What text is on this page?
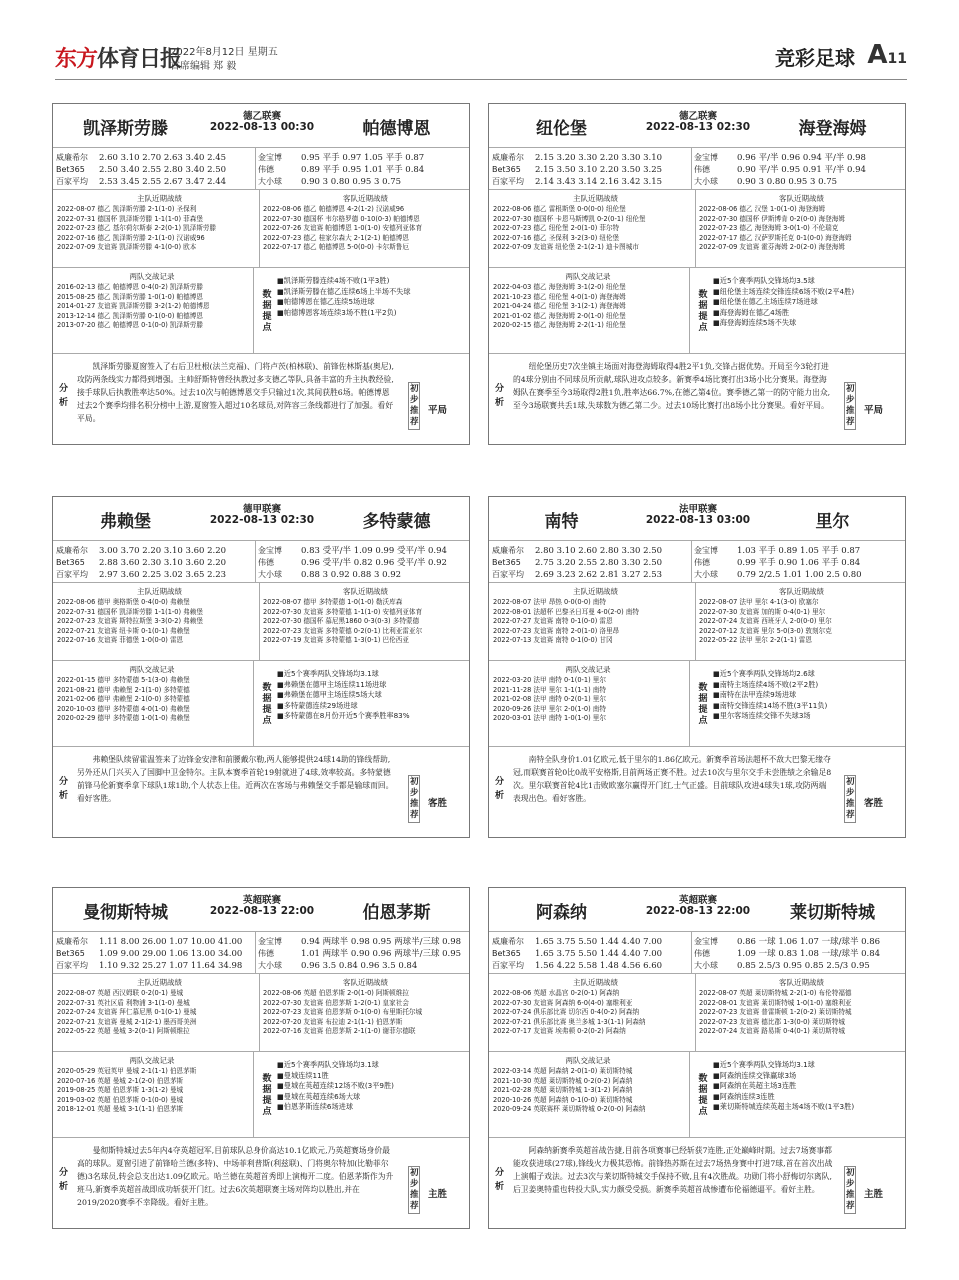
东方体育日报
2022年8月12日 星期五
首席编辑 郑 毅	竞彩足球 A11
凯泽斯劳滕
德乙联赛
2022-08-13 00:30	帕德博恩
威廉希尔 2.60 3.10 2.70 2.63 3.40 2.45
Bet365 2.50 3.40 2.55 2.80 3.40 2.50
百家平均 2.53 3.45 2.55 2.67 3.47 2.44
金宝博 0.95 平手 0.97 1.05 平手 0.87
伟德	0.89 平手 0.95 1.01 平手 0.84
大小球 0.90 3 0.80 0.95 3 0.75
主队近期战绩
2022-08-07 德乙 凯泽斯劳滕 2-1(1-0) 圣保利
2022-07-31 德国杯 凯泽斯劳滕 1-1(1-0) 菲森堡
2022-07-23 德乙 基尔荷尔斯泰 2-2(0-1) 凯泽斯劳滕
2022-07-16 德乙 凯泽斯劳滕 2-1(1-0) 汉诺威96
2022-07-09 友谊赛 凯泽斯劳滕 4-1(0-0) 欧本
客队近期战绩
2022-08-06 德乙 帕德博恩 4-2(1-2) 汉诺威96
2022-07-30 德国杯 韦尔格罗德 0-10(0-3) 帕德博恩
2022-07-26 友谊赛 帕德博恩 1-0(1-0) 安德列亚体育
2022-07-23 德乙 桂家尔森大 2-1(2-1) 帕德博恩
2022-07-17 德乙 帕德博恩 5-0(0-0) 卡尔斯鲁厄
两队交战记录
2016-02-13 德乙 帕德博恩 0-4(0-2) 凯泽斯劳滕
2015-08-25 德乙 凯泽斯劳滕 1-0(1-0) 帕德博恩
2014-01-27 友谊赛 凯泽斯劳滕 3-2(1-2) 帕德博恩
2013-12-14 德乙 凯泽斯劳滕 0-1(0-0) 帕德博恩
2013-07-20 德乙 帕德博恩 0-1(0-0) 凯泽斯劳滕
数据提点
■凯泽斯劳滕连续4场不败(1平3胜)
■凯泽斯劳滕在德乙连续6场上半场不失球
■帕德博恩在德乙连续5场进球
■帕德博恩客场连续3场不胜(1平2负)
分析
凯泽斯劳滕夏窗签入了右后卫杜根(法兰克福)、门将卢茨(柏林联)、前锋佐林斯基(奥尼),攻防两条线实力都得到增强。主帅舒斯特曾经执教过多支德乙等队,具备丰富的升主执教经验,接手球队后执教胜率达50%。过去10次与帕德博恩交手只输过1次,其间获胜6场。帕德博恩过去2个赛季均排名积分榜中上游,夏窗签入超过10名球员,对阵容三条线都进行了加强。看好平局。
初步推荐
平局
纽伦堡
德乙联赛
2022-08-13 02:30	海登海姆
威廉希尔 2.15 3.20 3.30 2.20 3.30 3.10
Bet365 2.15 3.50 3.10 2.20 3.50 3.25
百家平均 2.14 3.43 3.14 2.16 3.42 3.15
金宝博 0.96 平/半 0.96 0.94 平/半 0.98
伟德	0.90 平/半 0.95 0.91 平/半 0.94
大小球 0.90 3 0.80 0.95 3 0.75
主队近期战绩
2022-08-06 德乙 雷根斯堡 0-0(0-0) 纽伦堡
2022-07-30 德国杯 卡恩马斯博凯 0-2(0-1) 纽伦堡
2022-07-23 德乙 纽伦堡 2-0(1-0) 菲尔特
2022-07-16 德乙 圣保利 3-2(3-0) 纽伦堡
2022-07-09 友谊赛 纽伦堡 2-1(2-1) 迪卡图城市
客队近期战绩
2022-08-06 德乙 汉堡 1-0(1-0) 海登海姆
2022-07-30 德国杯 伊斯博肯 0-2(0-0) 海登海姆
2022-07-23 德乙 海登海姆 3-0(1-0) 不伦瑞克
2022-07-17 德乙 汉萨罗斯托克 0-1(0-0) 海登海姆
2022-07-09 友谊赛 霍芬海姆 2-0(2-0) 海登海姆
两队交战记录
2022-04-03 德乙 海登海姆 3-1(2-0) 纽伦堡
2021-10-23 德乙 纽伦堡 4-0(1-0) 海登海姆
2021-04-24 德乙 纽伦堡 3-1(2-1) 海登海姆
2021-01-02 德乙 海登海姆 2-0(1-0) 纽伦堡
2020-02-15 德乙 海登海姆 2-2(1-1) 纽伦堡
数据提点
■近5个赛季两队交锋场均3.5球
■纽伦堡主场连续交锋连续6场不败(2平4胜)
■纽伦堡在德乙主场连续7场进球
■海登海姆在德乙4场胜
■海登海姆连续5场不失球
分析
纽伦堡历史7次坐镇主场面对海登海姆取得4胜2平1负,交锋占据优势。开局至今3轮打进的4球分别由不同球员所贡献,球队进攻点较多。新赛季4场比赛打出3场小比分赛果。海登海姆队在赛季至今3场取得2胜1负,胜率达66.7%,在德乙第4位。赛季德乙第一的防守能力出众,至今3场联赛共丢1球,失球数为德乙第二少。过去10场比赛打出8场小比分赛果。看好平局。
初步推荐
平局
弗赖堡
德甲联赛
2022-08-13 02:30	多特蒙德
威廉希尔 3.00 3.70 2.20 3.10 3.60 2.20
Bet365 2.88 3.60 2.30 3.10 3.60 2.20
百家平均 2.97 3.60 2.25 3.02 3.65 2.23
金宝博 0.83 受平/半 1.09 0.99 受平/半 0.94
伟德	0.96 受平/半 0.82 0.96 受平/半 0.92
大小球 0.88 3 0.92 0.88 3 0.92
主队近期战绩
2022-08-06 德甲 奥格斯堡 0-4(0-0) 弗赖堡
2022-07-31 德国杯 凯泽斯劳滕 1-1(1-0) 弗赖堡
2022-07-23 友谊赛 斯特拉斯堡 3-3(0-2) 弗赖堡
2022-07-21 友谊赛 纽卡斯 0-1(0-1) 弗赖堡
2022-07-16 友谊赛 菲德堡 1-0(0-0) 雷恩
客队近期战绩
2022-08-07 德甲 多特蒙德 1-0(1-0) 勒沃库森
2022-07-30 友谊赛 多特蒙德 1-1(1-0) 安德列亚体育
2022-07-30 德国杯 慕尼黑1860 0-3(0-3) 多特蒙德
2022-07-23 友谊赛 多特蒙德 0-2(0-1) 比利亚雷亚尔
2022-07-19 友谊赛 多特蒙德 1-3(0-1) 巴伦西亚
两队交战记录
2022-01-15 德甲 多特蒙德 5-1(3-0) 弗赖堡
2021-08-21 德甲 弗赖堡 2-1(1-0) 多特蒙德
2021-02-06 德甲 弗赖堡 2-1(0-0) 多特蒙德
2020-10-03 德甲 多特蒙德 4-0(1-0) 弗赖堡
2020-02-29 德甲 多特蒙德 1-0(1-0) 弗赖堡
数据提点
■近5个赛季两队交锋场均3.1球
■弗赖堡在德甲主场连续11场进球
■弗赖堡在德甲主场连续5场大球
■多特蒙德连续29场进球
■多特蒙德在8月份开近5个赛季胜率83%
分析
弗赖堡队续留霍温签来了边锋金安津和前腰戴尔勒,两人能够提供24球14助的锋线帮助,另外还从门兴买入了国脚中卫金特尔。主队本赛季首轮19射就进了4球,效率较高。多特蒙德前锋马伦新赛季拿下球队1球1助,个人状态上佳。近两次在客场与弗赖堡交手都是输球而回。看好客胜。
初步推荐
客胜
南特
法甲联赛
2022-08-13 03:00	里尔
威廉希尔 2.80 3.10 2.60 2.80 3.30 2.50
Bet365 2.75 3.20 2.55 2.80 3.30 2.50
百家平均 2.69 3.23 2.62 2.81 3.27 2.53
金宝博 1.03 平手 0.89 1.05 平手 0.87
伟德	0.99 平手 0.90 1.06 平手 0.84
大小球 0.79 2/2.5 1.01 1.00 2.5 0.80
主队近期战绩
2022-08-07 法甲 昂热 0-0(0-0) 南特
2022-08-01 法超杯 巴黎圣日耳曼 4-0(2-0) 南特
2022-07-27 友谊赛 南特 0-1(0-0) 雷恩
2022-07-23 友谊赛 南特 2-0(1-0) 洛里昂
2022-07-13 友谊赛 南特 0-1(0-0) 甘冈
客队近期战绩
2022-08-07 法甲 里尔 4-1(3-0) 欧塞尔
2022-07-30 友谊赛 加的斯 0-4(0-1) 里尔
2022-07-24 友谊赛 西班牙人 2-0(0-0) 里尔
2022-07-12 友谊赛 里尔 5-0(3-0) 敦刻尔克
2022-05-22 法甲 里尔 2-2(1-1) 雷恩
两队交战记录
2022-03-20 法甲 南特 0-1(0-1) 里尔
2021-11-28 法甲 里尔 1-1(1-1) 南特
2021-02-08 法甲 南特 0-2(0-1) 里尔
2020-09-26 法甲 里尔 2-0(1-0) 南特
2020-03-01 法甲 南特 1-0(1-0) 里尔
数据提点
■近5个赛季两队交锋场均2.6球
■南特主场连续4场不败(2平2胜)
■南特在法甲连续9场进球
■南特交锋连续14场不胜(3平11负)
■里尔客场连续交锋不失球3场
分析
南特全队身价1.01亿欧元,低于里尔的1.86亿欧元。新赛季首场法超杯不敌大巴黎无缘夺冠,而联赛首轮0比0战平安格斯,目前两场正赛不胜。过去10次与里尔交手未尝胜绩之余输足8次。里尔联赛首轮4比1击败欧塞尔赢得开门红,士气正盛。目前球队攻进4球失1球,攻防两端表现出色。看好客胜。
初步推荐
客胜
曼彻斯特城
英超联赛
2022-08-13 22:00	伯恩茅斯
威廉希尔 1.11 8.00 26.00 1.07 10.00 41.00
Bet365 1.09 9.00 29.00 1.06 13.00 34.00
百家平均 1.10 9.32 25.27 1.07 11.64 34.98
金宝博 0.94 两球半 0.98 0.95 两球半/三球 0.98
伟德	1.01 两球半 0.90 0.96 两球半/三球 0.95
大小球 0.96 3.5 0.84 0.96 3.5 0.84
主队近期战绩
2022-08-07 英超 西汉姆联 0-2(0-1) 曼城
2022-07-31 英社区盾 利物浦 3-1(1-0) 曼城
2022-07-24 友谊赛 拜仁慕尼黑 0-1(0-1) 曼城
2022-07-21 友谊赛 曼城 2-1(2-1) 墨西哥美洲
2022-05-22 英超 曼城 3-2(0-1) 阿斯顿维拉
客队近期战绩
2022-08-06 英超 伯恩茅斯 2-0(1-0) 阿斯顿维拉
2022-07-30 友谊赛 伯恩茅斯 1-2(0-1) 皇家社会
2022-07-23 友谊赛 伯恩茅斯 0-1(0-0) 布里斯托尔城
2022-07-20 友谊赛 布拉迪 2-1(1-1) 伯恩茅斯
2022-07-16 友谊赛 伯恩茅斯 2-1(1-0) 谢菲尔德联
两队交战记录
2020-05-29 英冠英甲 曼城 2-1(1-1) 伯恩茅斯
2020-07-16 英超 曼城 2-1(2-0) 伯恩茅斯
2019-08-25 英超 伯恩茅斯 1-3(1-2) 曼城
2019-03-02 英超 伯恩茅斯 0-1(0-0) 曼城
2018-12-01 英超 曼城 3-1(1-1) 伯恩茅斯
数据提点
■近5个赛季两队交锋场均3.1球
■曼城连续11胜
■曼城在英超连续12场不败(3平9胜)
■曼城在英超连续6场大球
■伯恩茅斯连续6场进球
分析
曼彻斯特城过去5年内4夺英超冠军,目前球队总身价高达10.1亿欧元,乃英超赛场身价最高的球队。夏窗引进了前锋哈兰德(多特)、中场菲利普斯(利兹联)、门将奥尔特加(比勒菲尔德)3名球员,转会总支出达1.09亿欧元。哈兰德在英超首秀即上演梅开二度。伯恩茅斯作为升班马,新赛季英超首战即成功斩获开门红。过去6次英超联赛主场对阵均以胜出,并在2019/2020赛季不幸降级。看好主胜。
初步推荐
主胜
阿森纳
英超联赛
2022-08-13 22:00	莱切斯特城
威廉希尔 1.65 3.75 5.50 1.44 4.40 7.00
Bet365 1.65 3.75 5.50 1.44 4.40 7.00
百家平均 1.56 4.22 5.58 1.48 4.56 6.60
金宝博 0.86 一球 1.06 1.07 一球/球半 0.86
伟德	1.09 一球 0.83 1.08 一球/球半 0.84
大小球 0.85 2.5/3 0.95 0.85 2.5/3 0.95
主队近期战绩
2022-08-06 英超 水晶宫 0-2(0-1) 阿森纳
2022-07-30 友谊赛 阿森纳 6-0(4-0) 塞维利亚
2022-07-24 俱乐部比赛 切尔西 0-4(0-2) 阿森纳
2022-07-21 俱乐部比赛 奥兰多城 1-3(1-1) 阿森纳
2022-07-17 友谊赛 埃弗顿 0-2(0-2) 阿森纳
客队近期战绩
2022-08-07 英超 莱切斯特城 2-2(1-0) 布伦特福德
2022-08-01 友谊赛 莱切斯特城 1-0(1-0) 塞维利亚
2022-07-23 友谊赛 普雷斯顿 1-2(0-2) 莱切斯特城
2022-07-23 友谊赛 德比郡 1-3(0-0) 莱切斯特城
2022-07-24 友谊赛 路易斯 0-4(0-1) 莱切斯特城
两队交战记录
2022-03-14 英超 阿森纳 2-0(1-0) 莱切斯特城
2021-10-30 英超 莱切斯特城 0-2(0-2) 阿森纳
2021-02-28 英超 莱切斯特城 1-3(1-2) 阿森纳
2020-10-26 英超 阿森纳 0-1(0-0) 莱切斯特城
2020-09-24 英联赛杯 莱切斯特城 0-2(0-0) 阿森纳
数据提点
■近5个赛季两队交锋场均3.1球
■阿森纳连续交锋赢球3场
■阿森纳在英超主场3连胜
■阿森纳连续3连胜
■莱切斯特城连续英超主场4场不败(1平3胜)
分析
阿森纳新赛季英超首战告捷,目前各项赛事已经斩获7连胜,正处巅峰时期。过去7场赛事都能攻获进球(27球),锋线火力极其恐怖。前锋热苏斯在过去7场热身赛中打进7球,首在首次出战上演帽子戏法。过去3次与莱切斯特城交手保持不败,且有4次胜战。功勋门将小舒梅切尔离队,后卫姜奥特重也转投大队,实力颇受受损。新赛季英超首战惨遭布伦福德逼平。看好主胜。
初步推荐
主胜
